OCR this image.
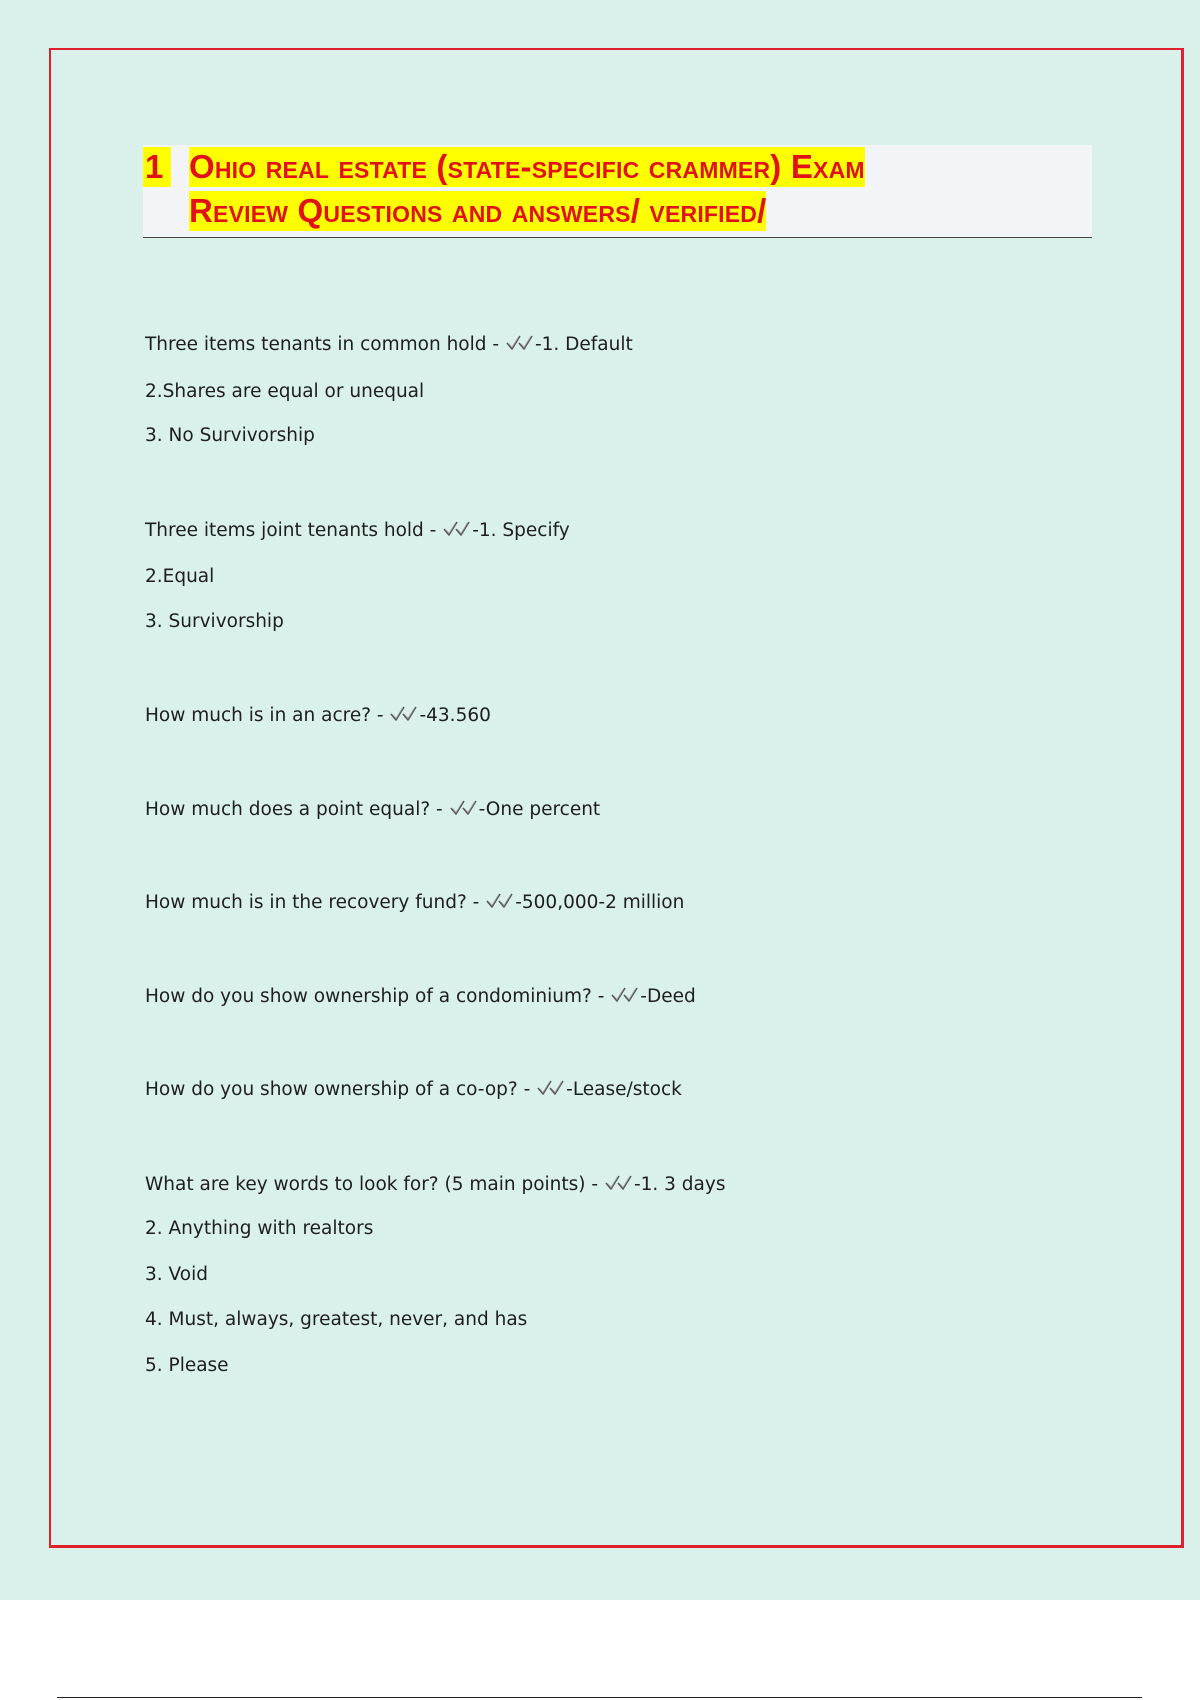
1 Ohio real estate (state-specific crammer) Exam
Review Questions and answers/ verified/
Three items tenants in common hold - -1. Default
2.Shares are equal or unequal
3. No Survivorship
Three items joint tenants hold - -1. Specify
2.Equal
3. Survivorship
How much is in an acre? - -43.560
How much does a point equal? - -One percent
How much is in the recovery fund? - -500,000-2 million
How do you show ownership of a condominium? - -Deed
How do you show ownership of a co-op? - -Lease/stock
What are key words to look for? (5 main points) - -1. 3 days
2. Anything with realtors
3. Void
4. Must, always, greatest, never, and has
5. Please
